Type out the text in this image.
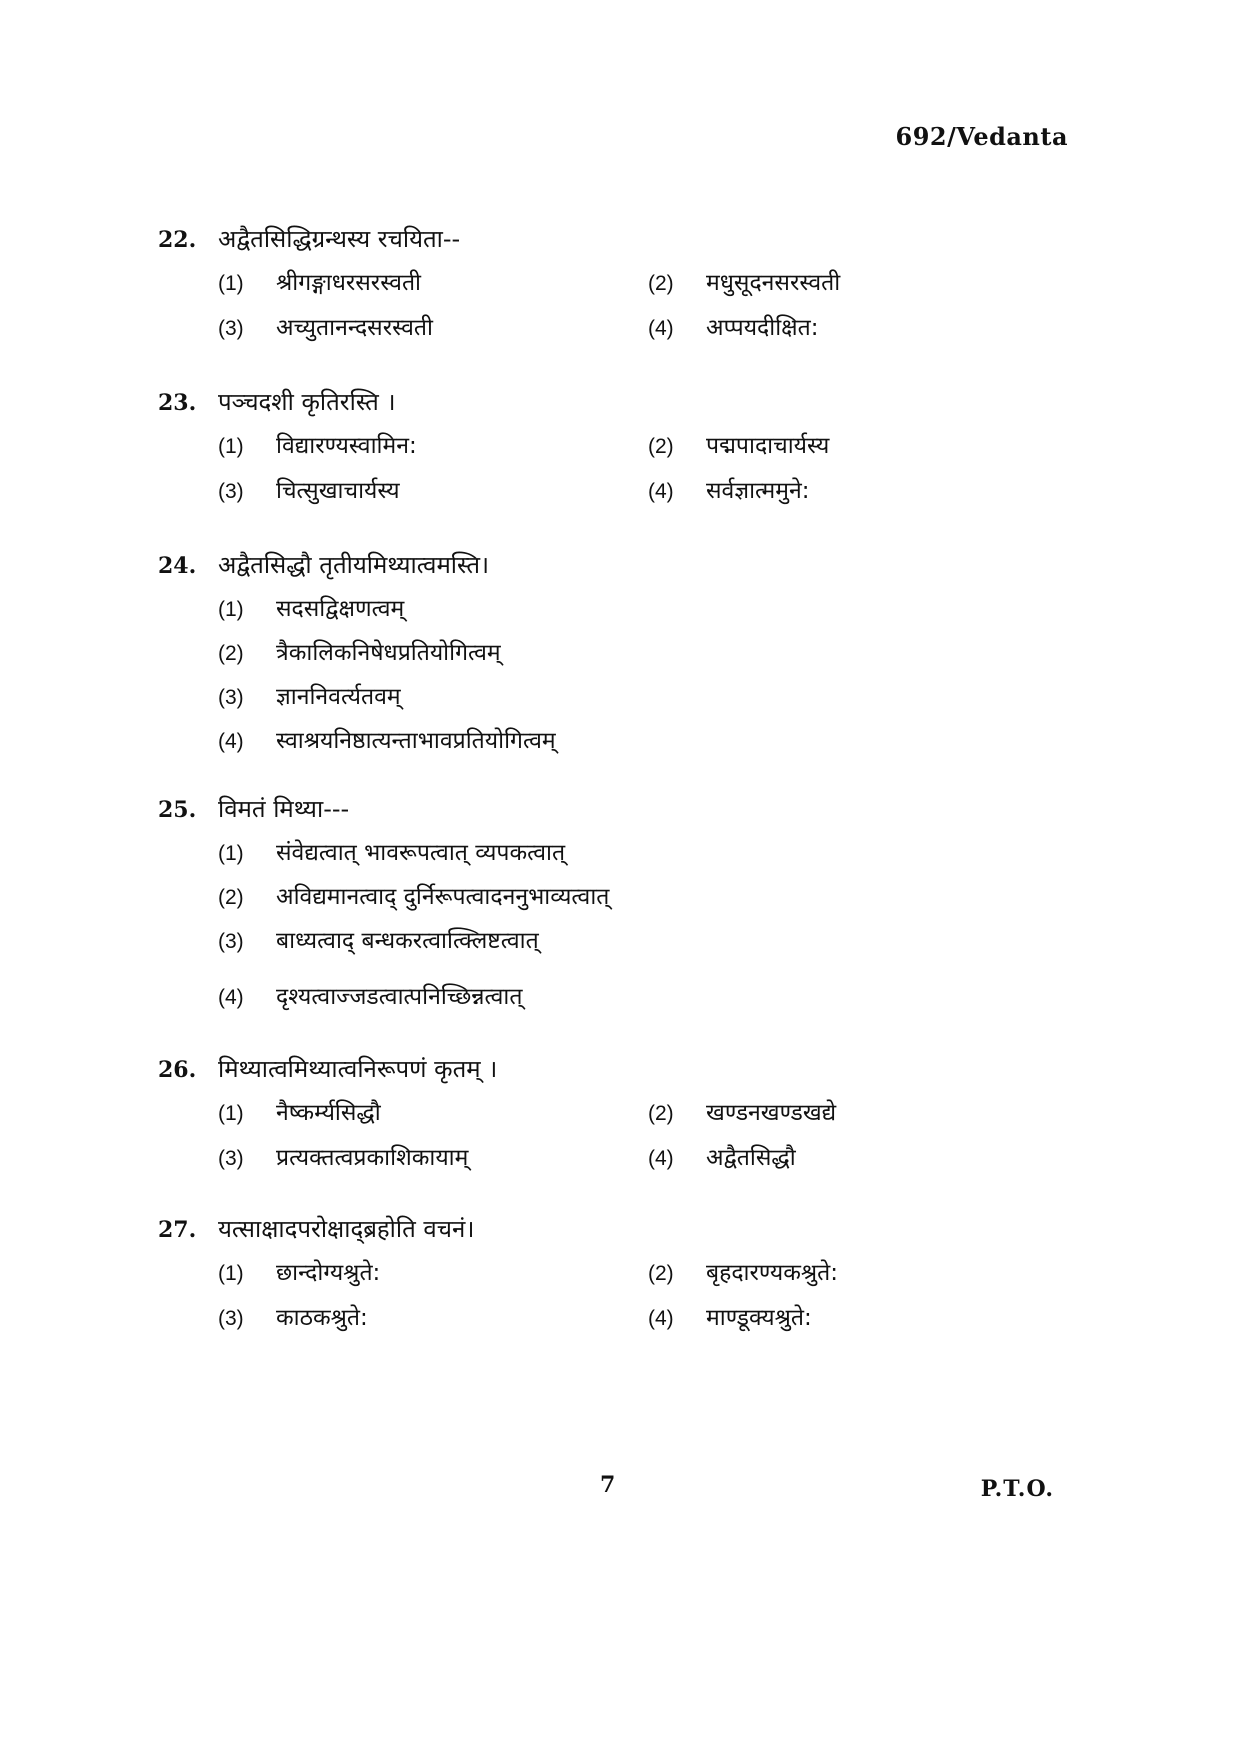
692/Vedanta
22. अद्वैतसिद्धिग्रन्थस्य रचयिता--
(1)	श्रीगङ्गाधरसरस्वती	(2)	मधुसूदनसरस्वती
(3)	अच्युतानन्दसरस्वती	(4)	अप्पयदीक्षित:
23. पञ्चदशी कृतिरस्ति ।
(1)	विद्यारण्यस्वामिन:	(2)	पद्मपादाचार्यस्य
(3)	चित्सुखाचार्यस्य	(4)	सर्वज्ञात्ममुने:
24. अद्वैतसिद्धौ तृतीयमिथ्यात्वमस्ति।
(1)	सदसद्विक्षणत्वम्
(2)	त्रैकालिकनिषेधप्रतियोगित्वम्
(3)	ज्ञाननिवर्त्यतवम्
(4)	स्वाश्रयनिष्ठात्यन्ताभावप्रतियोगित्वम्
25. विमतं मिथ्या---
(1)	संवेद्यत्वात् भावरूपत्वात् व्यपकत्वात्
(2)	अविद्यमानत्वाद् दुर्निरूपत्वादननुभाव्यत्वात्
(3)	बाध्यत्वाद् बन्धकरत्वात्क्लिष्टत्वात्
(4)	दृश्यत्वाज्जडत्वात्पनिच्छिन्नत्वात्
26. मिथ्यात्वमिथ्यात्वनिरूपणं कृतम् ।
(1)	नैष्कर्म्यसिद्धौ	(2)	खण्डनखण्डखद्ये
(3)	प्रत्यक्तत्वप्रकाशिकायाम्	(4)	अद्वैतसिद्धौ
27. यत्साक्षादपरोक्षाद्ब्रहोति वचनं।
(1)	छान्दोग्यश्रुते:	(2)	बृहदारण्यकश्रुते:
(3)	काठकश्रुते:	(4)	माण्डूक्यश्रुते:
7	P.T.O.
